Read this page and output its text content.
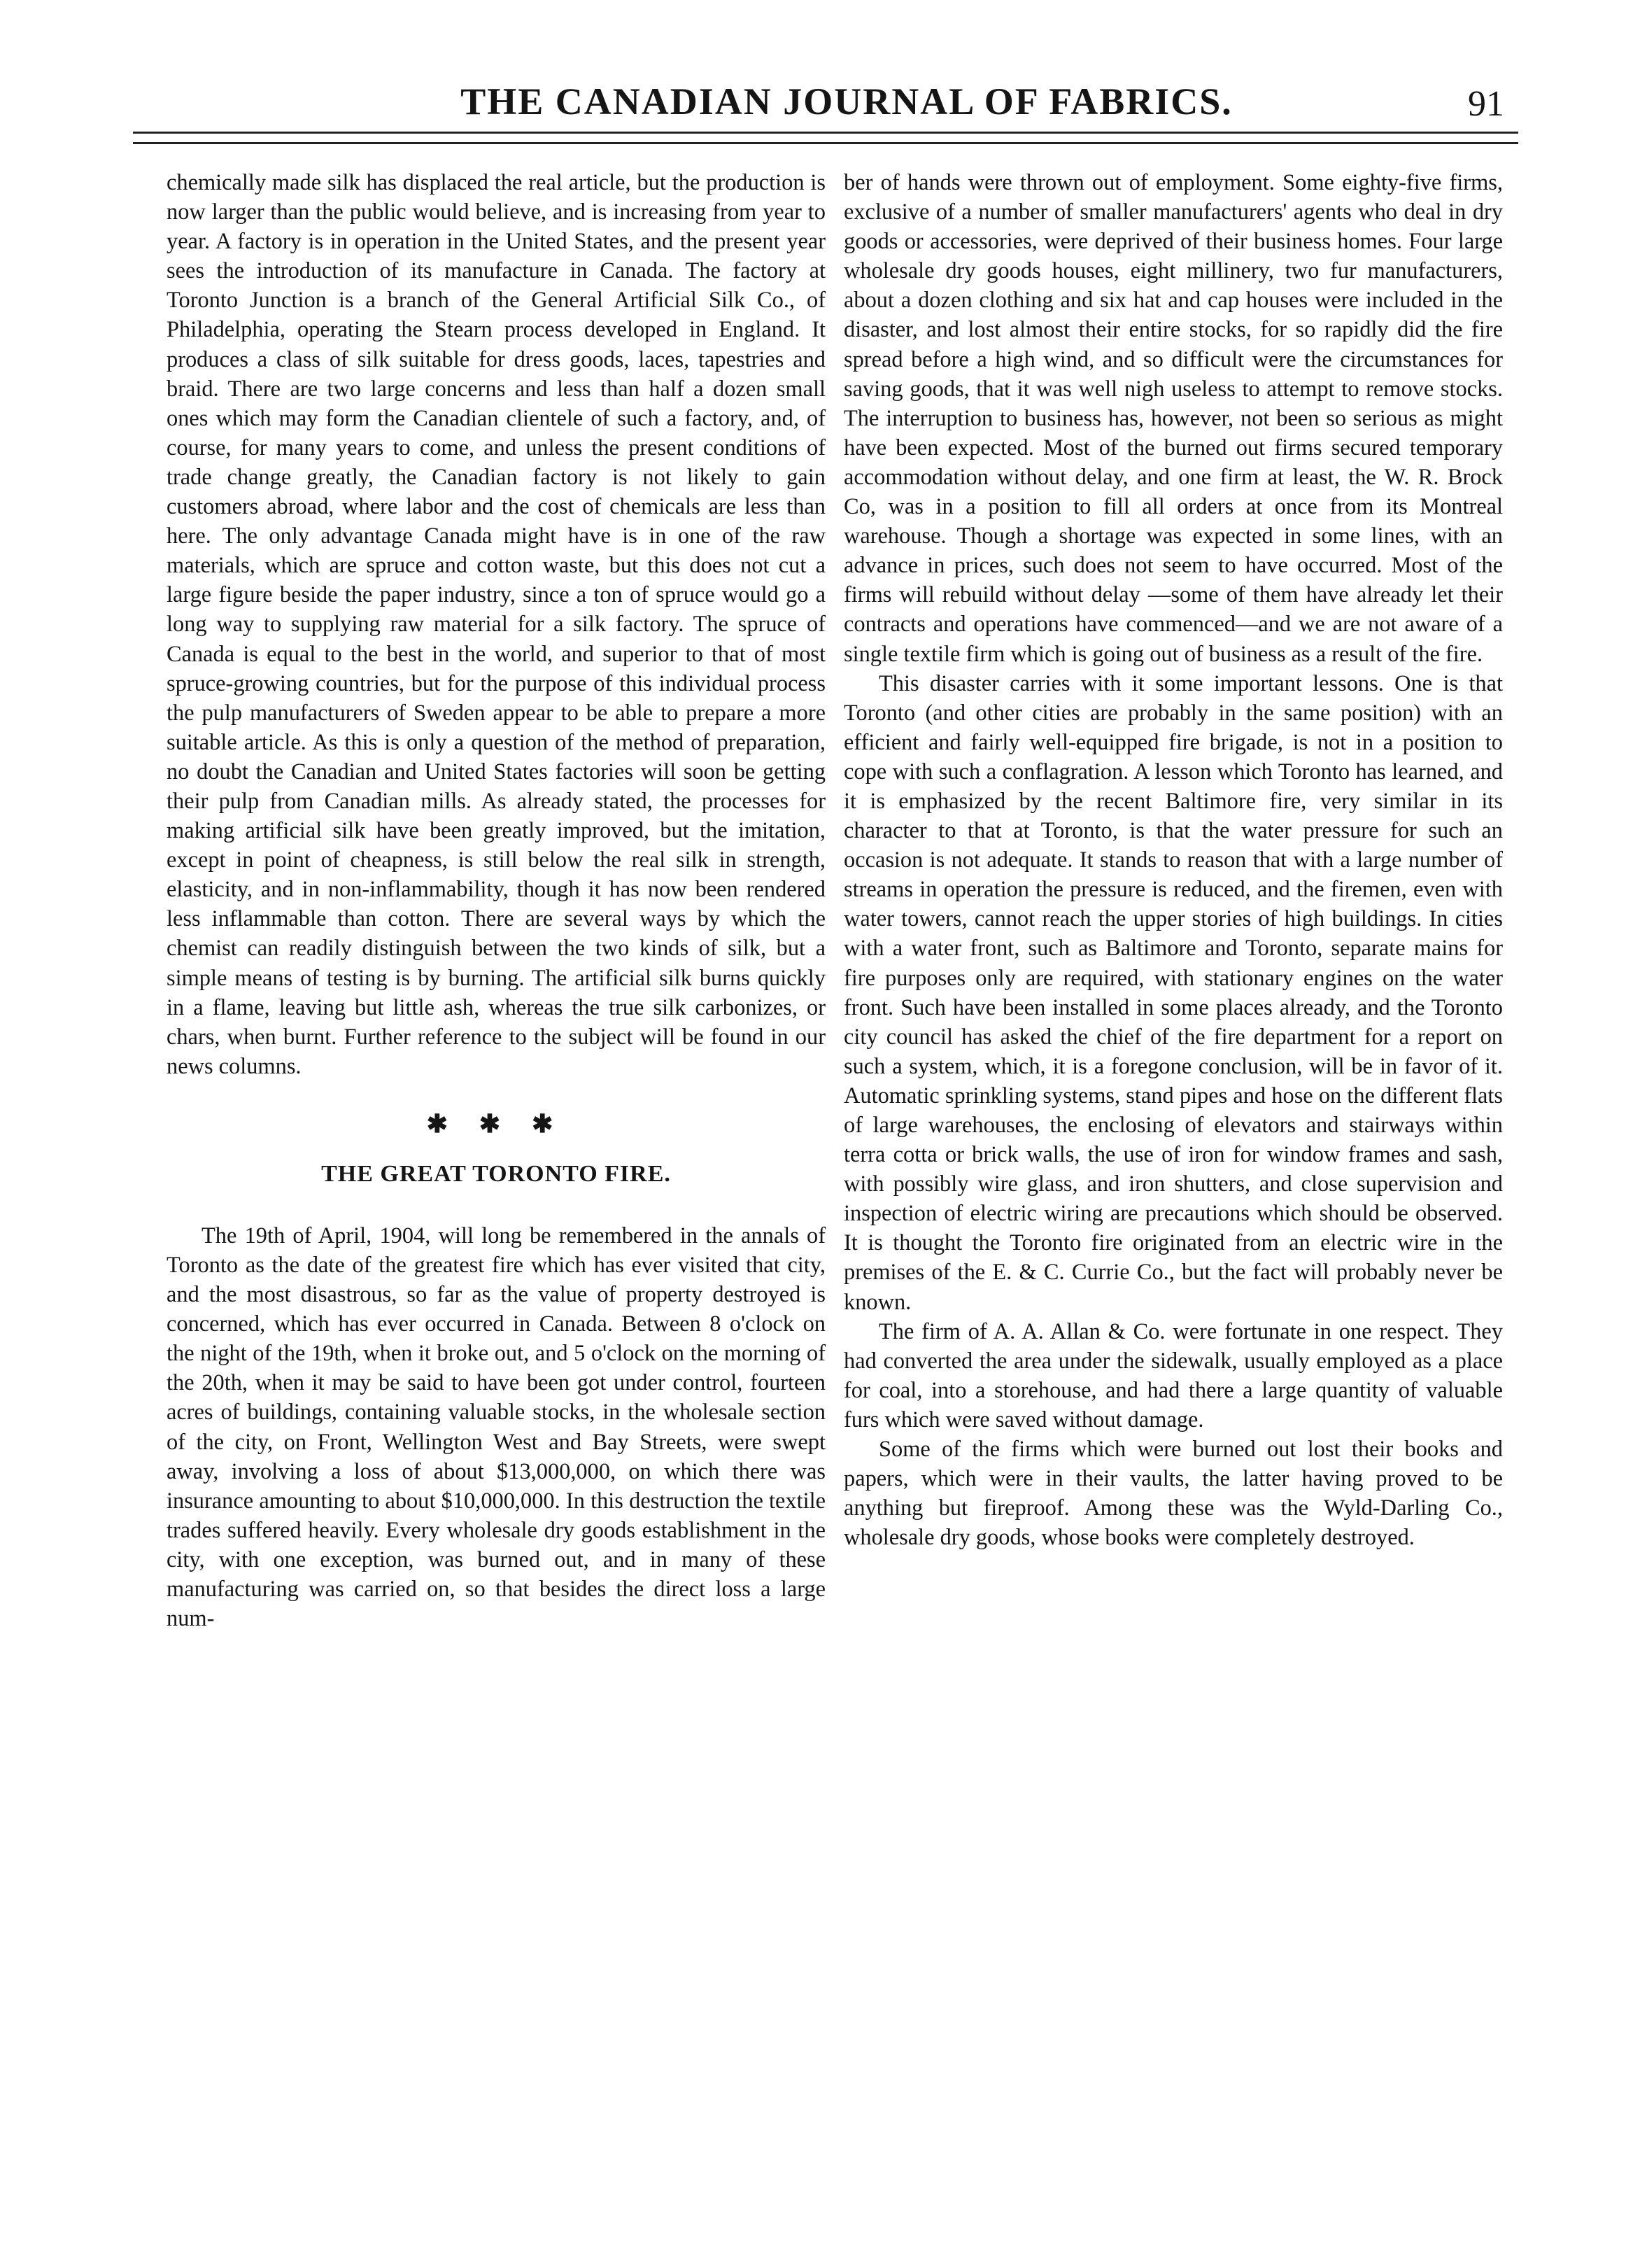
THE CANADIAN JOURNAL OF FABRICS.	91

chemically made silk has displaced the real article, but the production is now larger than the public would believe, and is increasing from year to year. A factory is in operation in the United States, and the present year sees the introduction of its manufacture in Canada. The factory at Toronto Junction is a branch of the General Artificial Silk Co., of Philadelphia, operating the Stearn process developed in England. It produces a class of silk suitable for dress goods, laces, tapestries and braid. There are two large concerns and less than half a dozen small ones which may form the Canadian clientele of such a factory, and, of course, for many years to come, and unless the present conditions of trade change greatly, the Canadian factory is not likely to gain customers abroad, where labor and the cost of chemicals are less than here. The only advantage Canada might have is in one of the raw materials, which are spruce and cotton waste, but this does not cut a large figure beside the paper industry, since a ton of spruce would go a long way to supplying raw material for a silk factory. The spruce of Canada is equal to the best in the world, and superior to that of most spruce-growing countries, but for the purpose of this individual process the pulp manufacturers of Sweden appear to be able to prepare a more suitable article. As this is only a question of the method of preparation, no doubt the Canadian and United States factories will soon be getting their pulp from Canadian mills. As already stated, the processes for making artificial silk have been greatly improved, but the imitation, except in point of cheapness, is still below the real silk in strength, elasticity, and in non-inflammability, though it has now been rendered less inflammable than cotton. There are several ways by which the chemist can readily distinguish between the two kinds of silk, but a simple means of testing is by burning. The artificial silk burns quickly in a flame, leaving but little ash, whereas the true silk carbonizes, or chars, when burnt. Further reference to the subject will be found in our news columns.

✱ ✱ ✱
THE GREAT TORONTO FIRE.

The 19th of April, 1904, will long be remembered in the annals of Toronto as the date of the greatest fire which has ever visited that city, and the most disastrous, so far as the value of property destroyed is concerned, which has ever occurred in Canada. Between 8 o'clock on the night of the 19th, when it broke out, and 5 o'clock on the morning of the 20th, when it may be said to have been got under control, fourteen acres of buildings, containing valuable stocks, in the wholesale section of the city, on Front, Wellington West and Bay Streets, were swept away, involving a loss of about $13,000,000, on which there was insurance amounting to about $10,000,000. In this destruction the textile trades suffered heavily. Every wholesale dry goods establishment in the city, with one exception, was burned out, and in many of these manufacturing was carried on, so that besides the direct loss a large num-

ber of hands were thrown out of employment. Some eighty-five firms, exclusive of a number of smaller manufacturers' agents who deal in dry goods or accessories, were deprived of their business homes. Four large wholesale dry goods houses, eight millinery, two fur manufacturers, about a dozen clothing and six hat and cap houses were included in the disaster, and lost almost their entire stocks, for so rapidly did the fire spread before a high wind, and so difficult were the circumstances for saving goods, that it was well nigh useless to attempt to remove stocks. The interruption to business has, however, not been so serious as might have been expected. Most of the burned out firms secured temporary accommodation without delay, and one firm at least, the W. R. Brock Co, was in a position to fill all orders at once from its Montreal warehouse. Though a shortage was expected in some lines, with an advance in prices, such does not seem to have occurred. Most of the firms will rebuild without delay —some of them have already let their contracts and operations have commenced—and we are not aware of a single textile firm which is going out of business as a result of the fire.

This disaster carries with it some important lessons. One is that Toronto (and other cities are probably in the same position) with an efficient and fairly well-equipped fire brigade, is not in a position to cope with such a conflagration. A lesson which Toronto has learned, and it is emphasized by the recent Baltimore fire, very similar in its character to that at Toronto, is that the water pressure for such an occasion is not adequate. It stands to reason that with a large number of streams in operation the pressure is reduced, and the firemen, even with water towers, cannot reach the upper stories of high buildings. In cities with a water front, such as Baltimore and Toronto, separate mains for fire purposes only are required, with stationary engines on the water front. Such have been installed in some places already, and the Toronto city council has asked the chief of the fire department for a report on such a system, which, it is a foregone conclusion, will be in favor of it. Automatic sprinkling systems, stand pipes and hose on the different flats of large warehouses, the enclosing of elevators and stairways within terra cotta or brick walls, the use of iron for window frames and sash, with possibly wire glass, and iron shutters, and close supervision and inspection of electric wiring are precautions which should be observed. It is thought the Toronto fire originated from an electric wire in the premises of the E. & C. Currie Co., but the fact will probably never be known.

The firm of A. A. Allan & Co. were fortunate in one respect. They had converted the area under the sidewalk, usually employed as a place for coal, into a storehouse, and had there a large quantity of valuable furs which were saved without damage.

Some of the firms which were burned out lost their books and papers, which were in their vaults, the latter having proved to be anything but fireproof. Among these was the Wyld-Darling Co., wholesale dry goods, whose books were completely destroyed.
